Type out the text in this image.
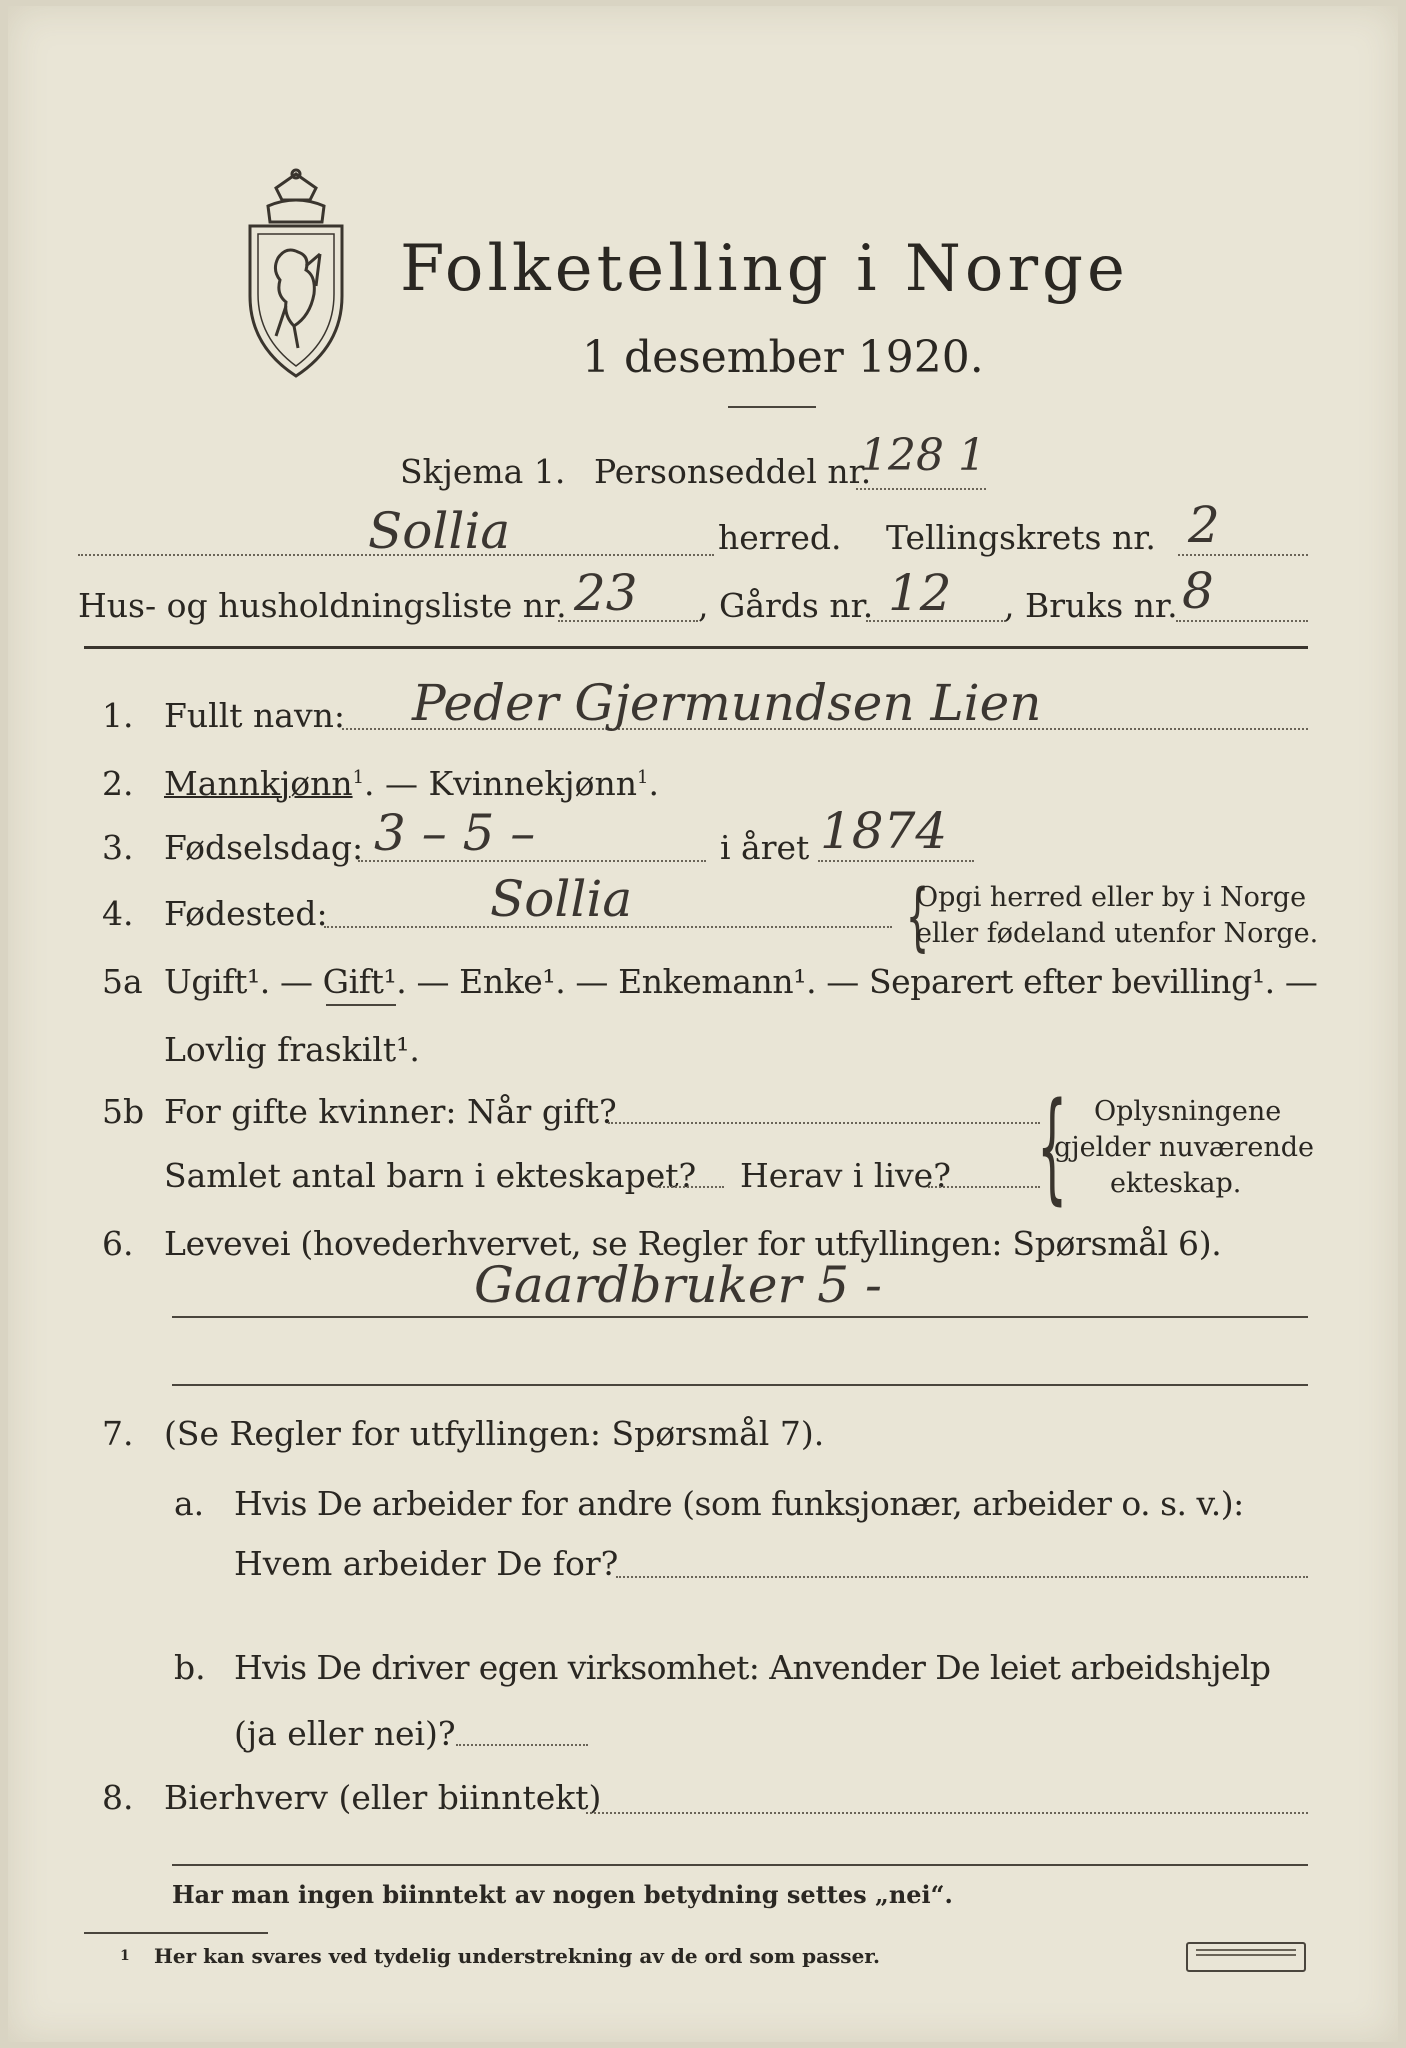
Folketelling i Norge
1 desember 1920.
Skjema 1. Personseddel nr.
128 1
Sollia	herred. Tellingskrets nr. 2
Hus- og husholdningsliste nr. 23 , Gårds nr. 12 , Bruks nr. 8
1. Fullt navn: Peder Gjermundsen Lien
2. Mannkjønn$^1$. — Kvinnekjønn$^1$.
3. Fødselsdag: 3 – 5 –	i året 1874
4. Fødested:	Sollia	{
Opgi herred eller by i Norge
eller fødeland utenfor Norge.
5a Ugift¹. — Gift¹. — Enke¹. — Enkemann¹. — Separert efter bevilling¹. —
Lovlig fraskilt¹.
5b For gifte kvinner: Når gift?
Samlet antal barn i ekteskapet? Herav i live? { Oplysningene
gjelder nuværende
ekteskap.
6. Levevei (hovederhvervet, se Regler for utfyllingen: Spørsmål 6).
Gaardbruker 5 -
7. (Se Regler for utfyllingen: Spørsmål 7).
a. Hvis De arbeider for andre (som funksjonær, arbeider o. s. v.):
Hvem arbeider De for?
b. Hvis De driver egen virksomhet: Anvender De leiet arbeidshjelp
(ja eller nei)?
8. Bierhverv (eller biinntekt)
Har man ingen biinntekt av nogen betydning settes „nei“.
1 Her kan svares ved tydelig understrekning av de ord som passer.
